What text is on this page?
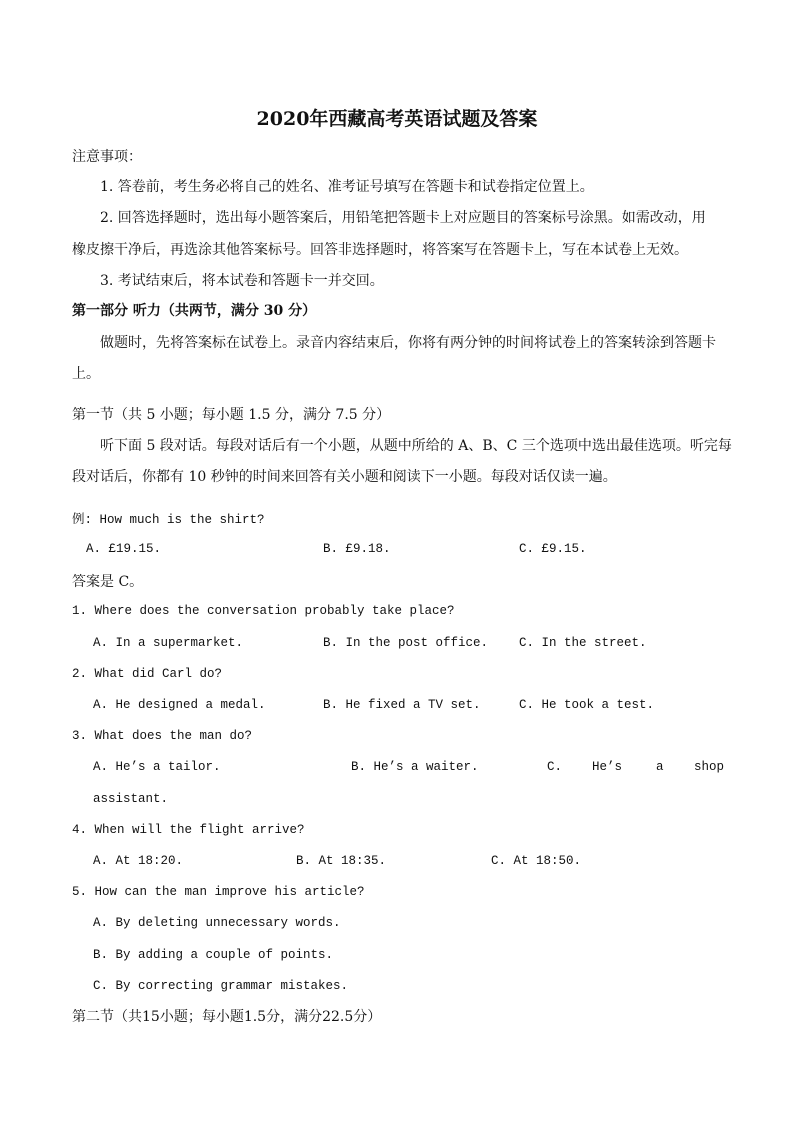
2020年西藏高考英语试题及答案
注意事项：
1. 答卷前，考生务必将自己的姓名、准考证号填写在答题卡和试卷指定位置上。
2. 回答选择题时，选出每小题答案后，用铅笔把答题卡上对应题目的答案标号涂黑。如需改动，用
橡皮擦干净后，再选涂其他答案标号。回答非选择题时，将答案写在答题卡上，写在本试卷上无效。
3. 考试结束后，将本试卷和答题卡一并交回。
第一部分 听力（共两节，满分 30 分）
做题时，先将答案标在试卷上。录音内容结束后，你将有两分钟的时间将试卷上的答案转涂到答题卡
上。
第一节（共 5 小题；每小题 1.5 分，满分 7.5 分）
听下面 5 段对话。每段对话后有一个小题，从题中所给的 A、B、C 三个选项中选出最佳选项。听完每
段对话后，你都有 10 秒钟的时间来回答有关小题和阅读下一小题。每段对话仅读一遍。
例: How much is the shirt?
A. £19.15.	B. £9.18.	C. £9.15.
答案是 C。
1. Where does the conversation probably take place?
A. In a supermarket.	B. In the post office. C. In the street.
2. What did Carl do?
A. He designed a medal.	B. He fixed a TV set.	C. He took a test.
3. What does the man do?
A. He’s a tailor.	B. He’s a waiter.	C. He’s	a shop
assistant.
4. When will the flight arrive?
A. At 18:20.	B. At 18:35.	C. At 18:50.
5. How can the man improve his article?
A. By deleting unnecessary words.
B. By adding a couple of points.
C. By correcting grammar mistakes.
第二节（共15小题；每小题1.5分，满分22.5分）
